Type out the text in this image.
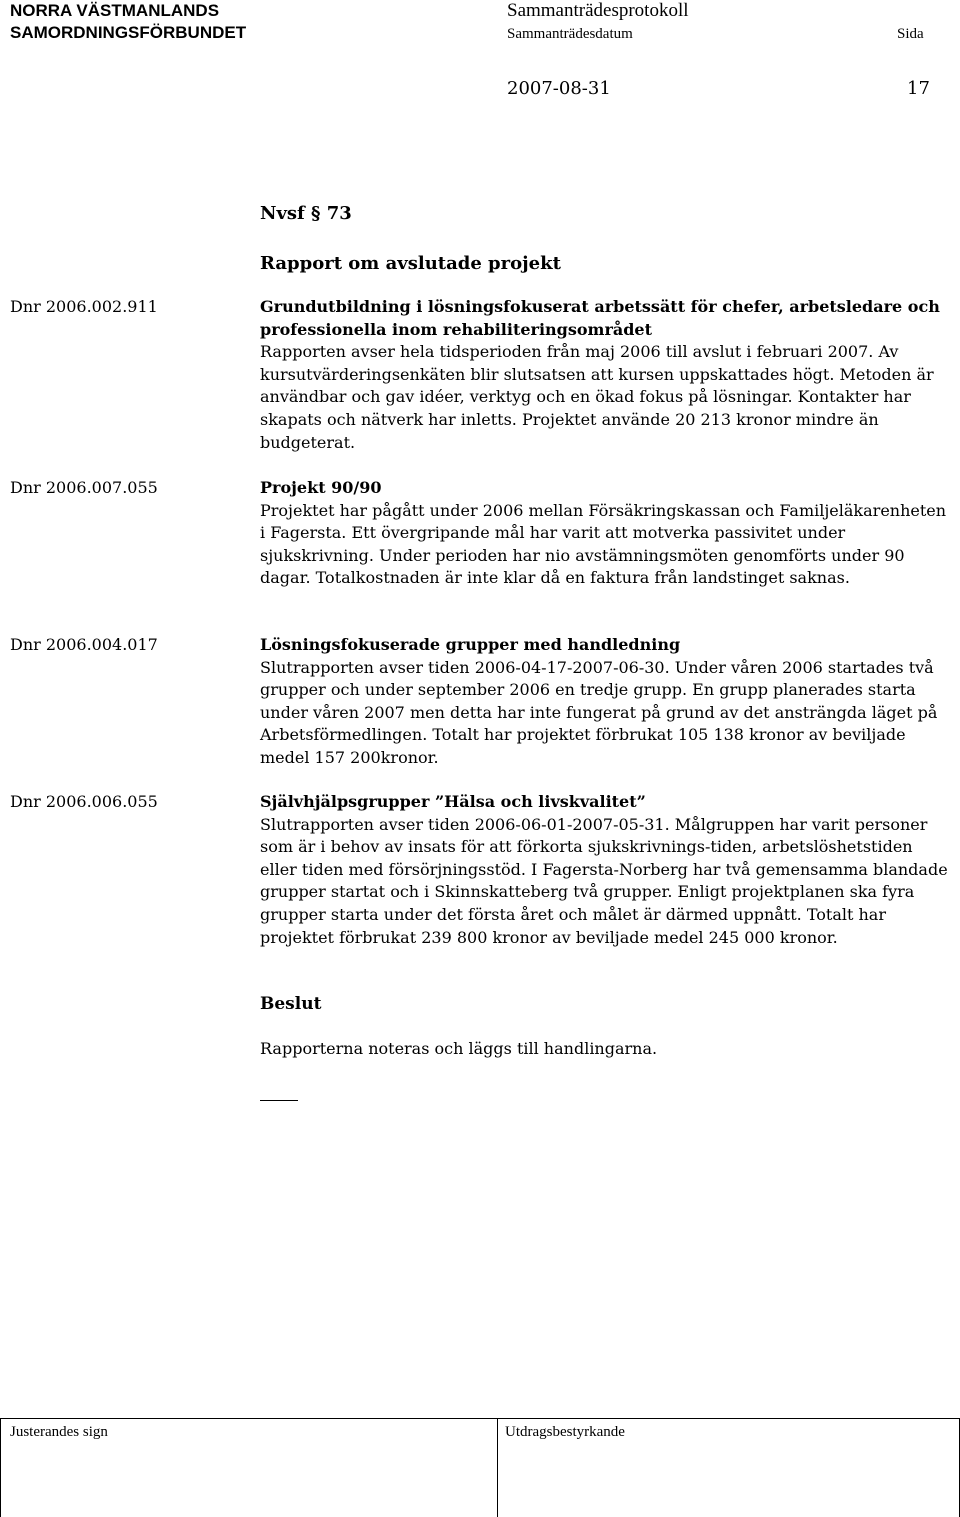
NORRA VÄSTMANLANDS
SAMORDNINGSFÖRBUNDET
Sammanträdesprotokoll
Sammanträdesdatum	Sida
2007-08-31	17
Nvsf § 73
Rapport om avslutade projekt
Dnr 2006.002.911	Grundutbildning i lösningsfokuserat arbetssätt för chefer, arbetsledare och professionella inom rehabiliteringsområdet

Rapporten avser hela tidsperioden från maj 2006 till avslut i februari 2007. Av kursutvärderingsenkäten blir slutsatsen att kursen uppskattades högt. Metoden är användbar och gav idéer, verktyg och en ökad fokus på lösningar. Kontakter har skapats och nätverk har inletts. Projektet använde 20 213 kronor mindre än budgeterat.

Dnr 2006.007.055	Projekt 90/90

Projektet har pågått under 2006 mellan Försäkringskassan och Familjeläkarenheten i Fagersta. Ett övergripande mål har varit att motverka passivitet under sjukskrivning. Under perioden har nio avstämningsmöten genomförts under 90 dagar. Totalkostnaden är inte klar då en faktura från landstinget saknas.

Dnr 2006.004.017	Lösningsfokuserade grupper med handledning

Slutrapporten avser tiden 2006-04-17-2007-06-30. Under våren 2006 startades två grupper och under september 2006 en tredje grupp. En grupp planerades starta under våren 2007 men detta har inte fungerat på grund av det ansträngda läget på Arbetsförmedlingen. Totalt har projektet förbrukat 105 138 kronor av beviljade medel 157 200kronor.

Dnr 2006.006.055	Självhjälpsgrupper ”Hälsa och livskvalitet”

Slutrapporten avser tiden 2006-06-01-2007-05-31. Målgruppen har varit personer som är i behov av insats för att förkorta sjukskrivnings-tiden, arbetslöshetstiden eller tiden med försörjningsstöd. I Fagersta-Norberg har två gemensamma blandade grupper startat och i Skinnskatteberg två grupper. Enligt projektplanen ska fyra grupper starta under det första året och målet är därmed uppnått. Totalt har projektet förbrukat 239 800 kronor av beviljade medel 245 000 kronor.

Beslut
Rapporterna noteras och läggs till handlingarna.
Justerandes sign	Utdragsbestyrkande
